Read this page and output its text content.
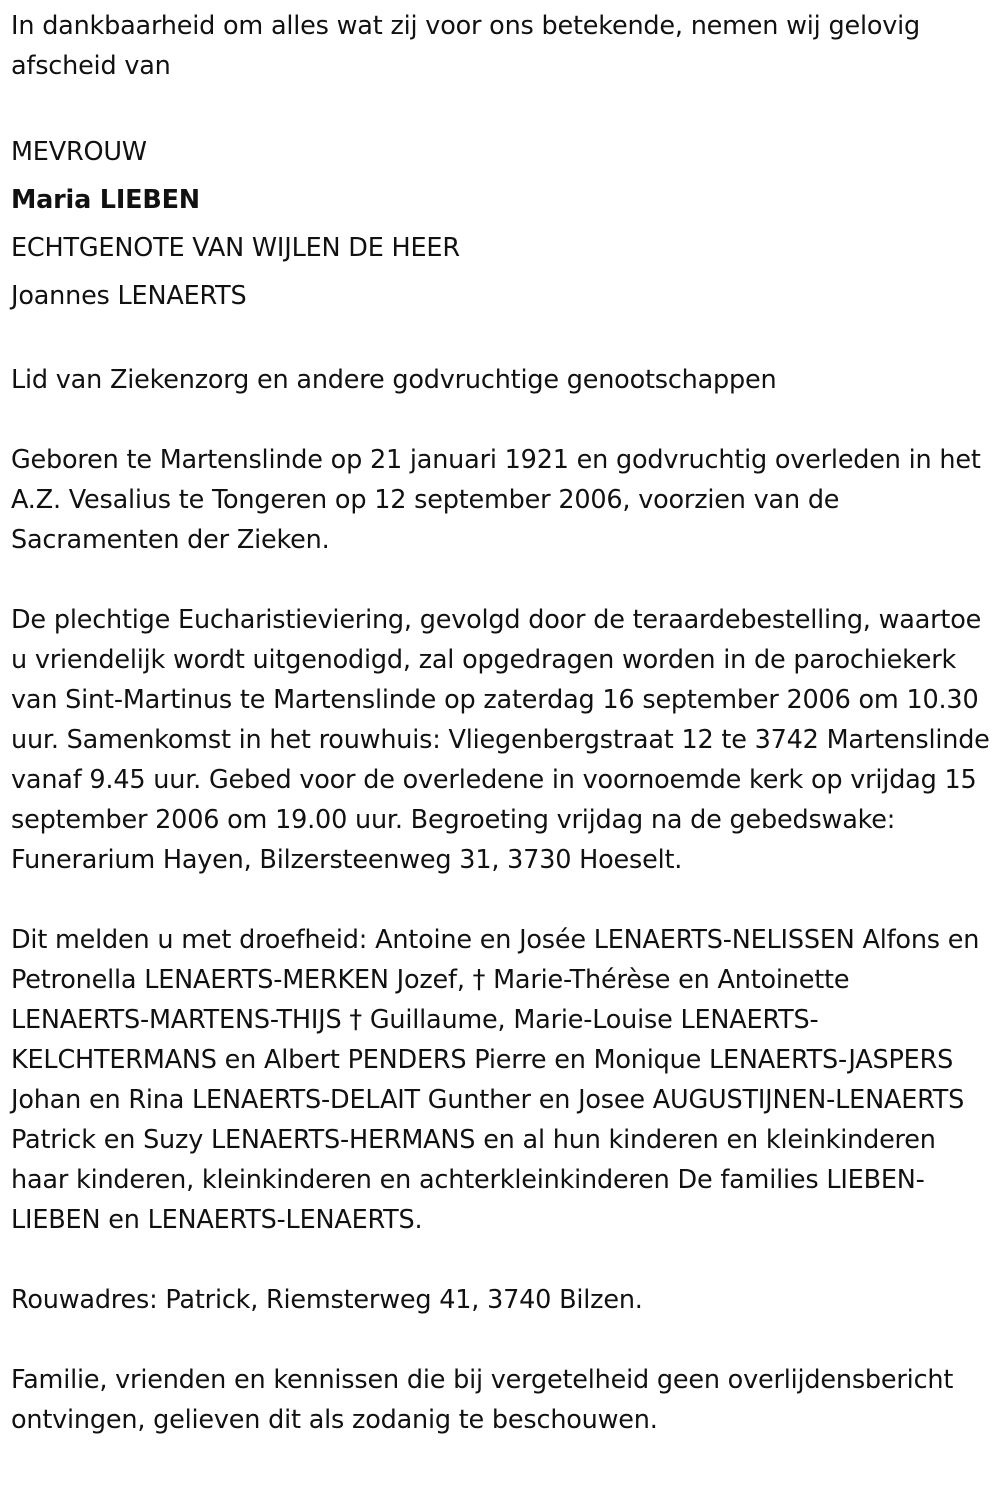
In dankbaarheid om alles wat zij voor ons betekende, nemen wij gelovig afscheid van

MEVROUW

Maria LIEBEN

ECHTGENOTE VAN WIJLEN DE HEER

Joannes LENAERTS

Lid van Ziekenzorg en andere godvruchtige genootschappen

Geboren te Martenslinde op 21 januari 1921 en godvruchtig overleden in het A.Z. Vesalius te Tongeren op 12 september 2006, voorzien van de Sacramenten der Zieken.

De plechtige Eucharistieviering, gevolgd door de teraardebestelling, waartoe u vriendelijk wordt uitgenodigd, zal opgedragen worden in de parochiekerk van Sint-Martinus te Martenslinde op zaterdag 16 september 2006 om 10.30 uur. Samenkomst in het rouwhuis: Vliegenbergstraat 12 te 3742 Martenslinde vanaf 9.45 uur. Gebed voor de overledene in voornoemde kerk op vrijdag 15 september 2006 om 19.00 uur. Begroeting vrijdag na de gebedswake: Funerarium Hayen, Bilzersteenweg 31, 3730 Hoeselt.

Dit melden u met droefheid: Antoine en Josée LENAERTS-NELISSEN Alfons en Petronella LENAERTS-MERKEN Jozef, † Marie-Thérèse en Antoinette LENAERTS-MARTENS-THIJS † Guillaume, Marie-Louise LENAERTS-KELCHTERMANS en Albert PENDERS Pierre en Monique LENAERTS-JASPERS Johan en Rina LENAERTS-DELAIT Gunther en Josee AUGUSTIJNEN-LENAERTS Patrick en Suzy LENAERTS-HERMANS en al hun kinderen en kleinkinderen haar kinderen, kleinkinderen en achterkleinkinderen De families LIEBEN-LIEBEN en LENAERTS-LENAERTS.

Rouwadres: Patrick, Riemsterweg 41, 3740 Bilzen.

Familie, vrienden en kennissen die bij vergetelheid geen overlijdensbericht ontvingen, gelieven dit als zodanig te beschouwen.
